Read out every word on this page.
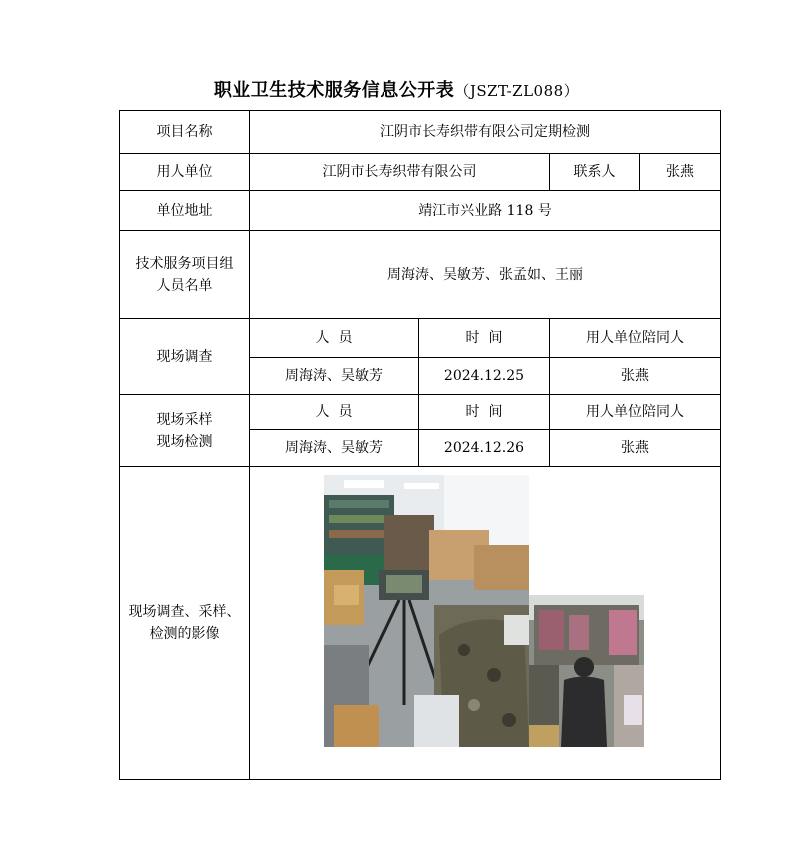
职业卫生技术服务信息公开表（JSZT-ZL088）
项目名称	江阴市长寿织带有限公司定期检测			
用人单位	江阴市长寿织带有限公司		联系人	张燕
单位地址	靖江市兴业路 118 号			

技术服务项目组
人员名单	周海涛、吴敏芳、张孟如、王丽			
现场调查	人  员	时  间	用人单位陪同人	
	周海涛、吴敏芳	2024.12.25	张燕	

现场采样
现场检测	人  员	时  间	用人单位陪同人	
	周海涛、吴敏芳	2024.12.26	张燕	

现场调查、采样、
检测的影像
